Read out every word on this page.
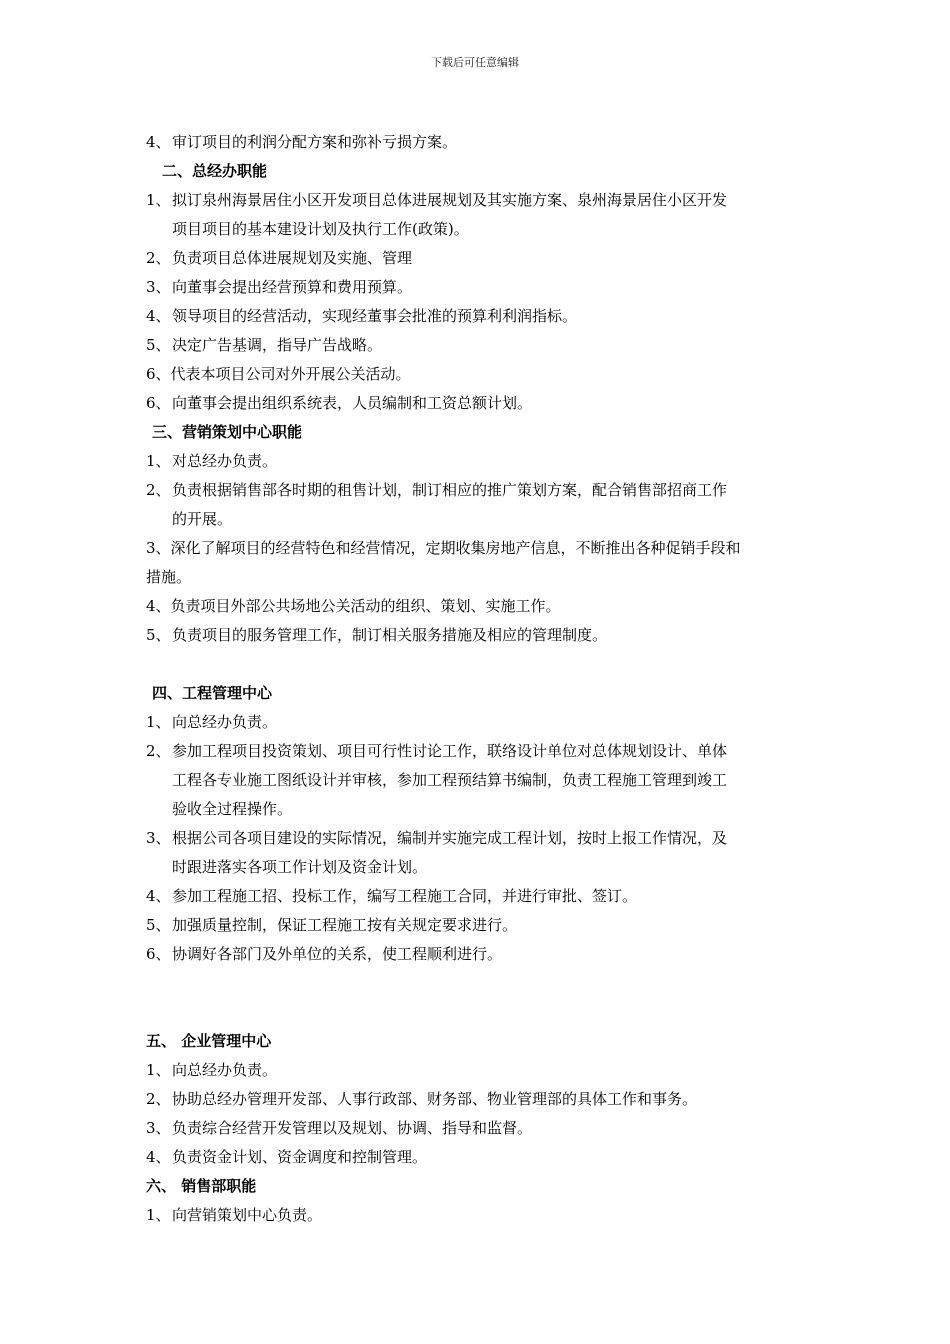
下载后可任意编辑
4、审订项目的利润分配方案和弥补亏损方案。
二、总经办职能
1、拟订泉州海景居住小区开发项目总体进展规划及其实施方案、泉州海景居住小区开发
项目项目的基本建设计划及执行工作(政策)。
2、负责项目总体进展规划及实施、管理
3、向董事会提出经营预算和费用预算。
4、领导项目的经营活动，实现经董事会批准的预算利利润指标。
5、决定广告基调，指导广告战略。
6、代表本项目公司对外开展公关活动。
6、向董事会提出组织系统表，人员编制和工资总额计划。
三、营销策划中心职能
1、对总经办负责。
2、负责根据销售部各时期的租售计划，制订相应的推广策划方案，配合销售部招商工作
的开展。
3、深化了解项目的经营特色和经营情况，定期收集房地产信息，不断推出各种促销手段和
措施。
4、负责项目外部公共场地公关活动的组织、策划、实施工作。
5、负责项目的服务管理工作，制订相关服务措施及相应的管理制度。
四、工程管理中心
1、向总经办负责。
2、参加工程项目投资策划、项目可行性讨论工作，联络设计单位对总体规划设计、单体
工程各专业施工图纸设计并审核，参加工程预结算书编制，负责工程施工管理到竣工
验收全过程操作。
3、根据公司各项目建设的实际情况，编制并实施完成工程计划，按时上报工作情况，及
时跟进落实各项工作计划及资金计划。
4、参加工程施工招、投标工作，编写工程施工合同，并进行审批、签订。
5、加强质量控制，保证工程施工按有关规定要求进行。
6、协调好各部门及外单位的关系，使工程顺利进行。
五、 企业管理中心
1、向总经办负责。
2、协助总经办管理开发部、人事行政部、财务部、物业管理部的具体工作和事务。
3、负责综合经营开发管理以及规划、协调、指导和监督。
4、负责资金计划、资金调度和控制管理。
六、 销售部职能
1、向营销策划中心负责。
